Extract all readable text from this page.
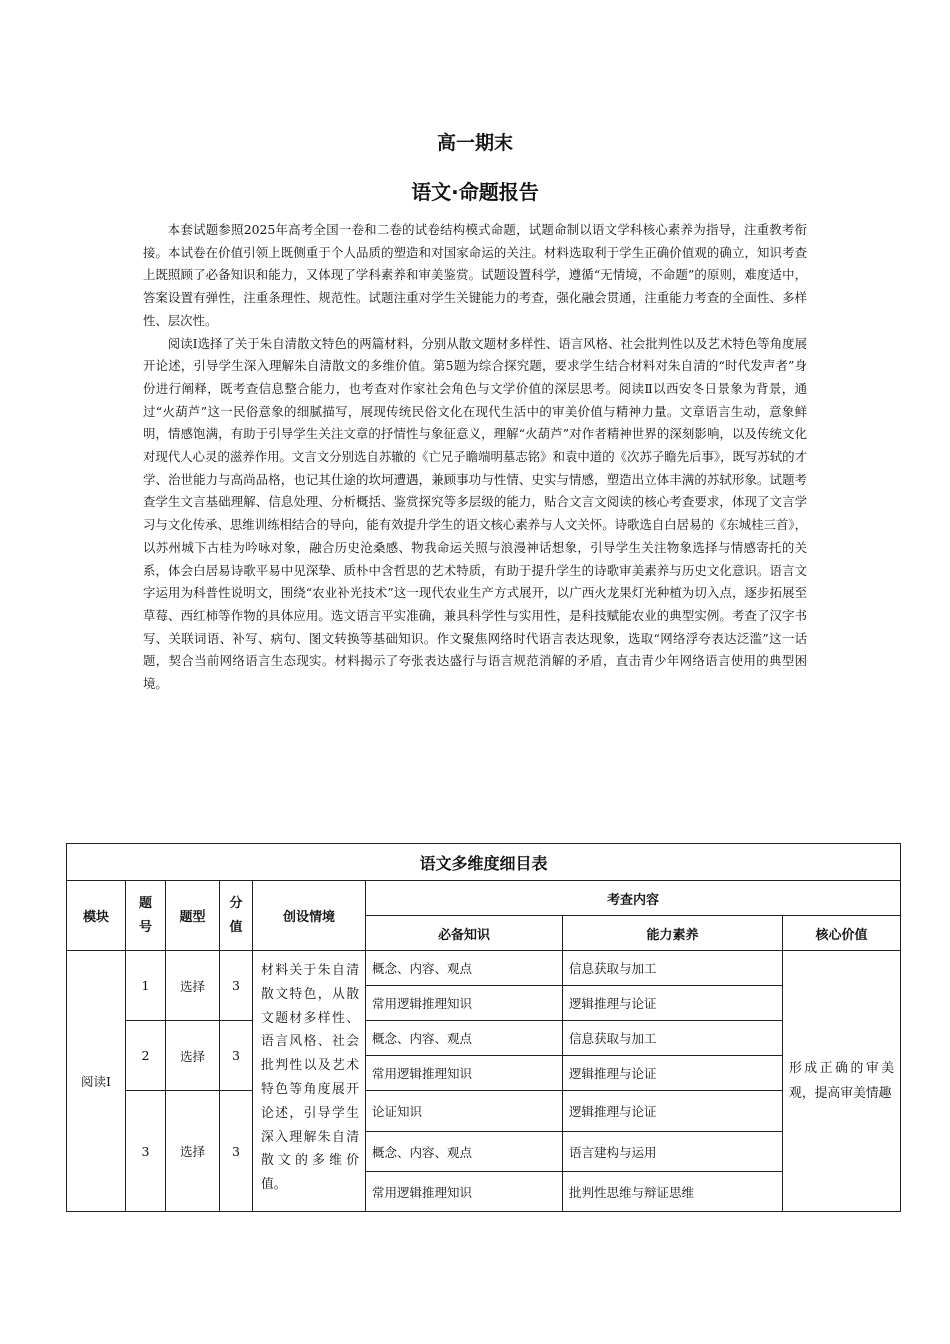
高一期末
语文·命题报告

本套试题参照2025年高考全国一卷和二卷的试卷结构模式命题，试题命制以语文学科核心素养为指导，注重教考衔接。本试卷在价值引领上既侧重于个人品质的塑造和对国家命运的关注。材料选取利于学生正确价值观的确立，知识考查上既照顾了必备知识和能力，又体现了学科素养和审美鉴赏。试题设置科学，遵循“无情境，不命题”的原则，难度适中，答案设置有弹性，注重条理性、规范性。试题注重对学生关键能力的考查，强化融会贯通，注重能力考查的全面性、多样性、层次性。

阅读Ⅰ选择了关于朱自清散文特色的两篇材料，分别从散文题材多样性、语言风格、社会批判性以及艺术特色等角度展开论述，引导学生深入理解朱自清散文的多维价值。第5题为综合探究题，要求学生结合材料对朱自清的“时代发声者”身份进行阐释，既考查信息整合能力，也考查对作家社会角色与文学价值的深层思考。阅读Ⅱ以西安冬日景象为背景，通过“火葫芦”这一民俗意象的细腻描写，展现传统民俗文化在现代生活中的审美价值与精神力量。文章语言生动，意象鲜明，情感饱满，有助于引导学生关注文章的抒情性与象征意义，理解“火葫芦”对作者精神世界的深刻影响，以及传统文化对现代人心灵的滋养作用。文言文分别选自苏辙的《亡兄子瞻端明墓志铭》和袁中道的《次苏子瞻先后事》，既写苏轼的才学、治世能力与高尚品格，也记其仕途的坎坷遭遇，兼顾事功与性情、史实与情感，塑造出立体丰满的苏轼形象。试题考查学生文言基础理解、信息处理、分析概括、鉴赏探究等多层级的能力，贴合文言文阅读的核心考查要求，体现了文言学习与文化传承、思维训练相结合的导向，能有效提升学生的语文核心素养与人文关怀。诗歌选自白居易的《东城桂三首》，以苏州城下古桂为吟咏对象，融合历史沧桑感、物我命运关照与浪漫神话想象，引导学生关注物象选择与情感寄托的关系，体会白居易诗歌平易中见深挚、质朴中含哲思的艺术特质，有助于提升学生的诗歌审美素养与历史文化意识。语言文字运用为科普性说明文，围绕“农业补光技术”这一现代农业生产方式展开，以广西火龙果灯光种植为切入点，逐步拓展至草莓、西红柿等作物的具体应用。选文语言平实准确，兼具科学性与实用性，是科技赋能农业的典型实例。考查了汉字书写、关联词语、补写、病句、图文转换等基础知识。作文聚焦网络时代语言表达现象，选取“网络浮夸表达泛滥”这一话题，契合当前网络语言生态现实。材料揭示了夸张表达盛行与语言规范消解的矛盾，直击青少年网络语言使用的典型困境。

语文多维度细目表							
模块	题号	题型	分值	创设情境	考查内容		
					必备知识	能力素养	核心价值
阅读Ⅰ	1	选择	3	材料关于朱自清散文特色，从散文题材多样性、语言风格、社会批判性以及艺术特色等角度展开论述，引导学生深入理解朱自清散文的多维价值。	概念、内容、观点	信息获取与加工	形成正确的审美观，提高审美情趣
					常用逻辑推理知识	逻辑推理与论证	
	2	选择	3		概念、内容、观点	信息获取与加工	
					常用逻辑推理知识	逻辑推理与论证	
	3	选择	3		论证知识	逻辑推理与论证	
					概念、内容、观点	语言建构与运用	
					常用逻辑推理知识	批判性思维与辩证思维	
